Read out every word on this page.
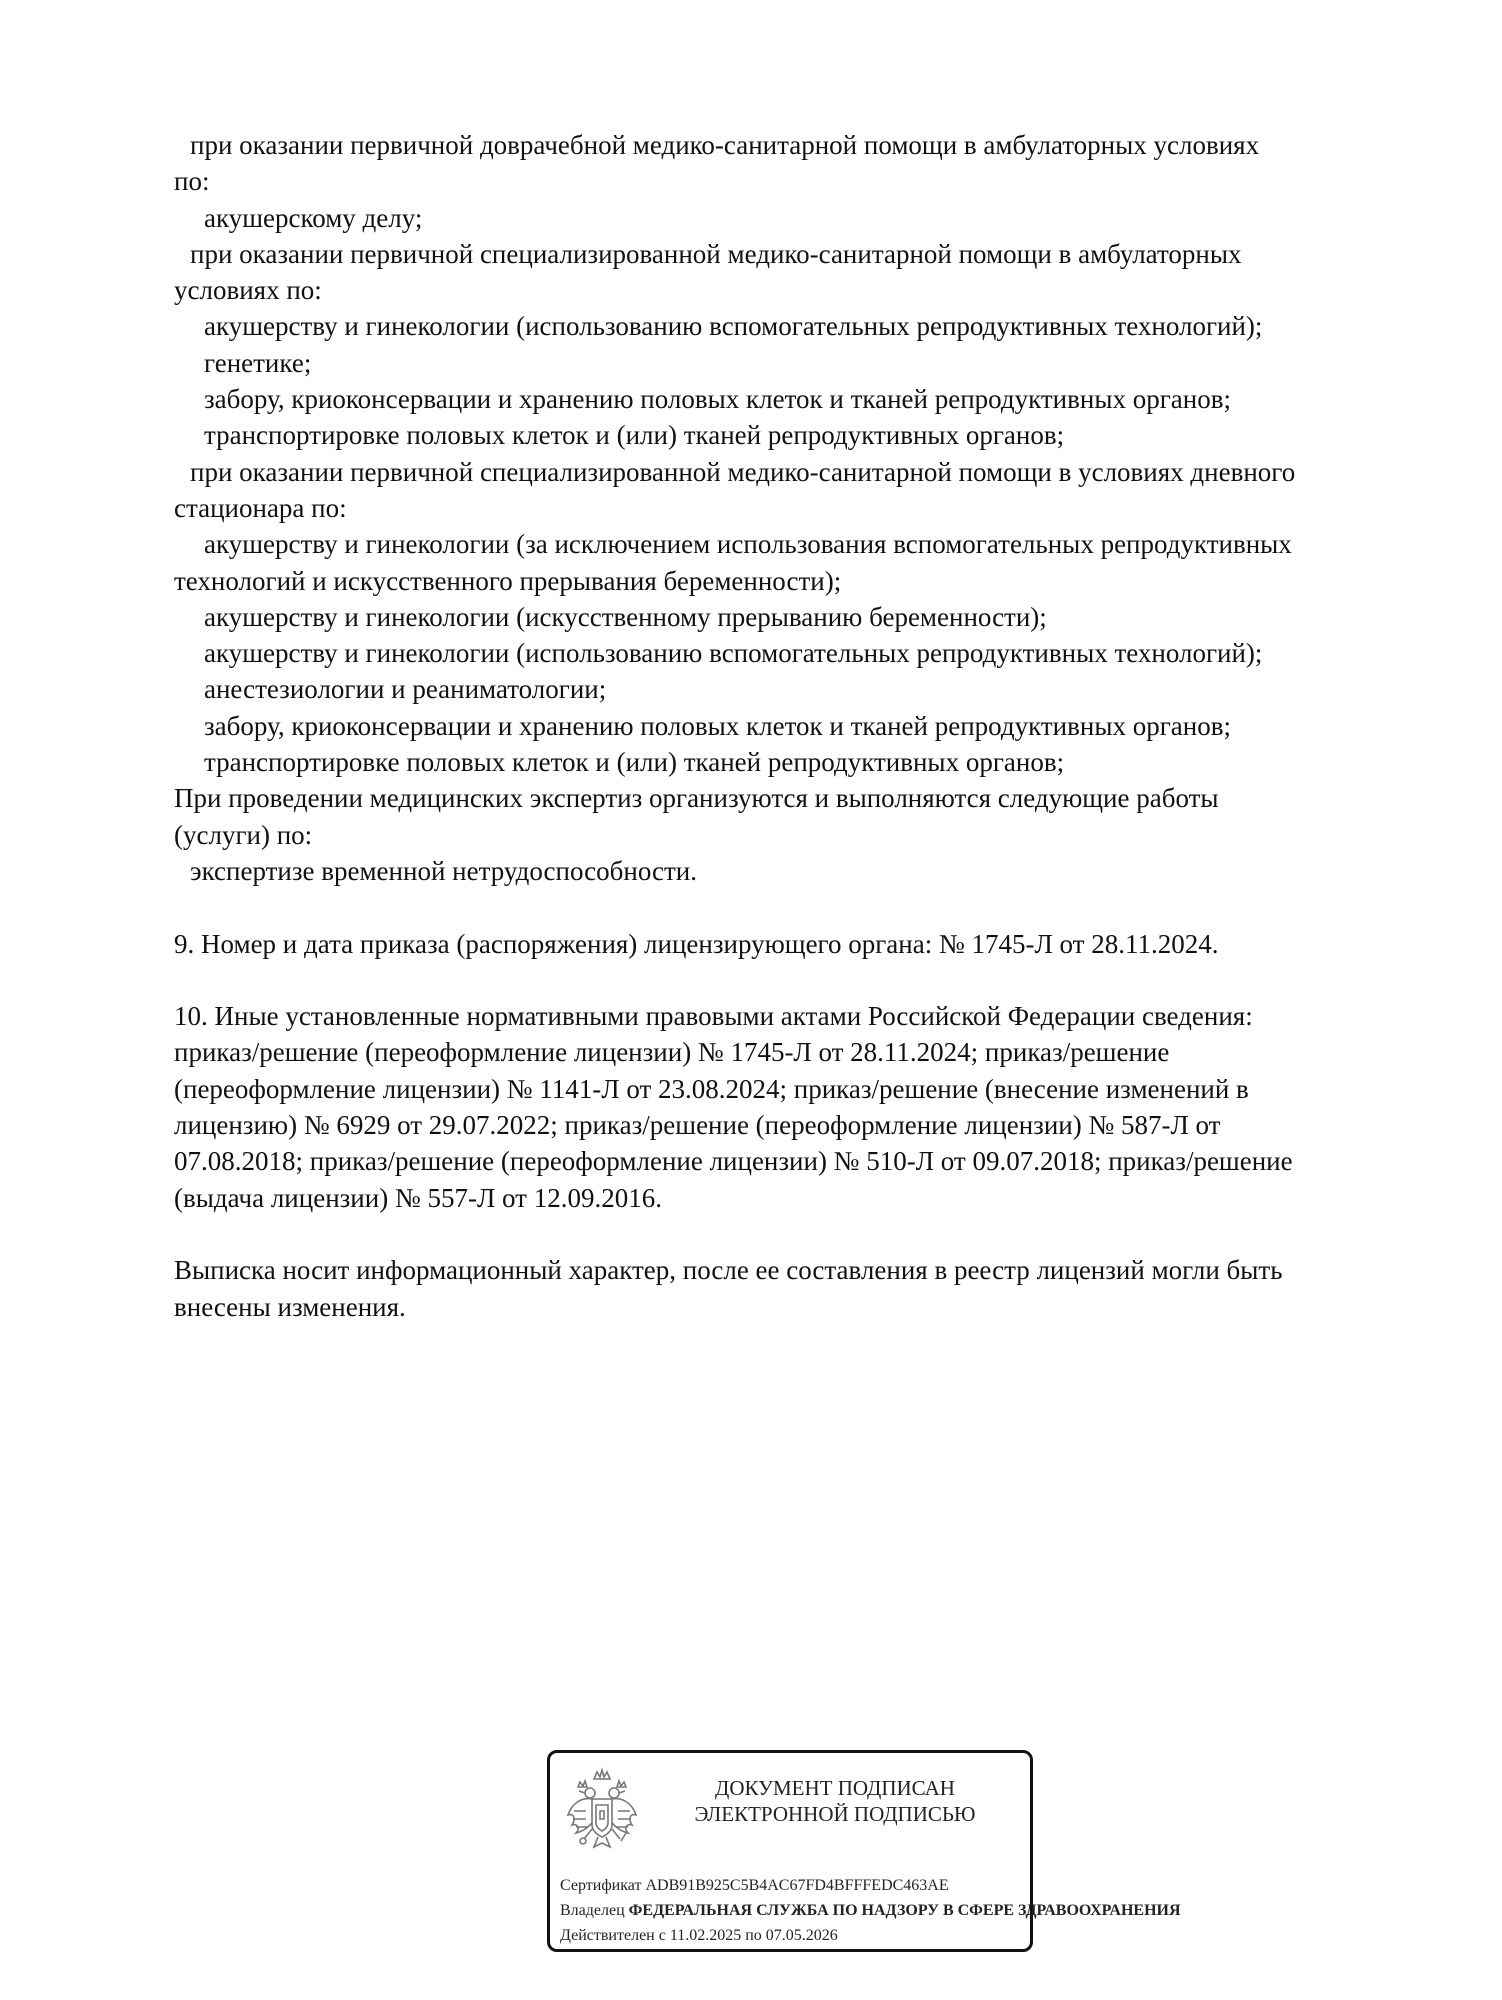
при оказании первичной доврачебной медико-санитарной помощи в амбулаторных условиях
по:
акушерскому делу;
при оказании первичной специализированной медико-санитарной помощи в амбулаторных
условиях по:
акушерству и гинекологии (использованию вспомогательных репродуктивных технологий);
генетике;
забору, криоконсервации и хранению половых клеток и тканей репродуктивных органов;
транспортировке половых клеток и (или) тканей репродуктивных органов;
при оказании первичной специализированной медико-санитарной помощи в условиях дневного
стационара по:
акушерству и гинекологии (за исключением использования вспомогательных репродуктивных
технологий и искусственного прерывания беременности);
акушерству и гинекологии (искусственному прерыванию беременности);
акушерству и гинекологии (использованию вспомогательных репродуктивных технологий);
анестезиологии и реаниматологии;
забору, криоконсервации и хранению половых клеток и тканей репродуктивных органов;
транспортировке половых клеток и (или) тканей репродуктивных органов;
При проведении медицинских экспертиз организуются и выполняются следующие работы
(услуги) по:
экспертизе временной нетрудоспособности.
9. Номер и дата приказа (распоряжения) лицензирующего органа: № 1745-Л от 28.11.2024.
10. Иные установленные нормативными правовыми актами Российской Федерации сведения:
приказ/решение (переоформление лицензии) № 1745-Л от 28.11.2024; приказ/решение
(переоформление лицензии) № 1141-Л от 23.08.2024; приказ/решение (внесение изменений в
лицензию) № 6929 от 29.07.2022; приказ/решение (переоформление лицензии) № 587-Л от
07.08.2018; приказ/решение (переоформление лицензии) № 510-Л от 09.07.2018; приказ/решение
(выдача лицензии) № 557-Л от 12.09.2016.
Выписка носит информационный характер, после ее составления в реестр лицензий могли быть
внесены изменения.
ДОКУМЕНТ ПОДПИСАН
ЭЛЕКТРОННОЙ ПОДПИСЬЮ
Сертификат ADB91B925C5B4AC67FD4BFFFEDC463AE
Владелец ФЕДЕРАЛЬНАЯ СЛУЖБА ПО НАДЗОРУ В СФЕРЕ ЗДРАВООХРАНЕНИЯ
Действителен с 11.02.2025 по 07.05.2026
